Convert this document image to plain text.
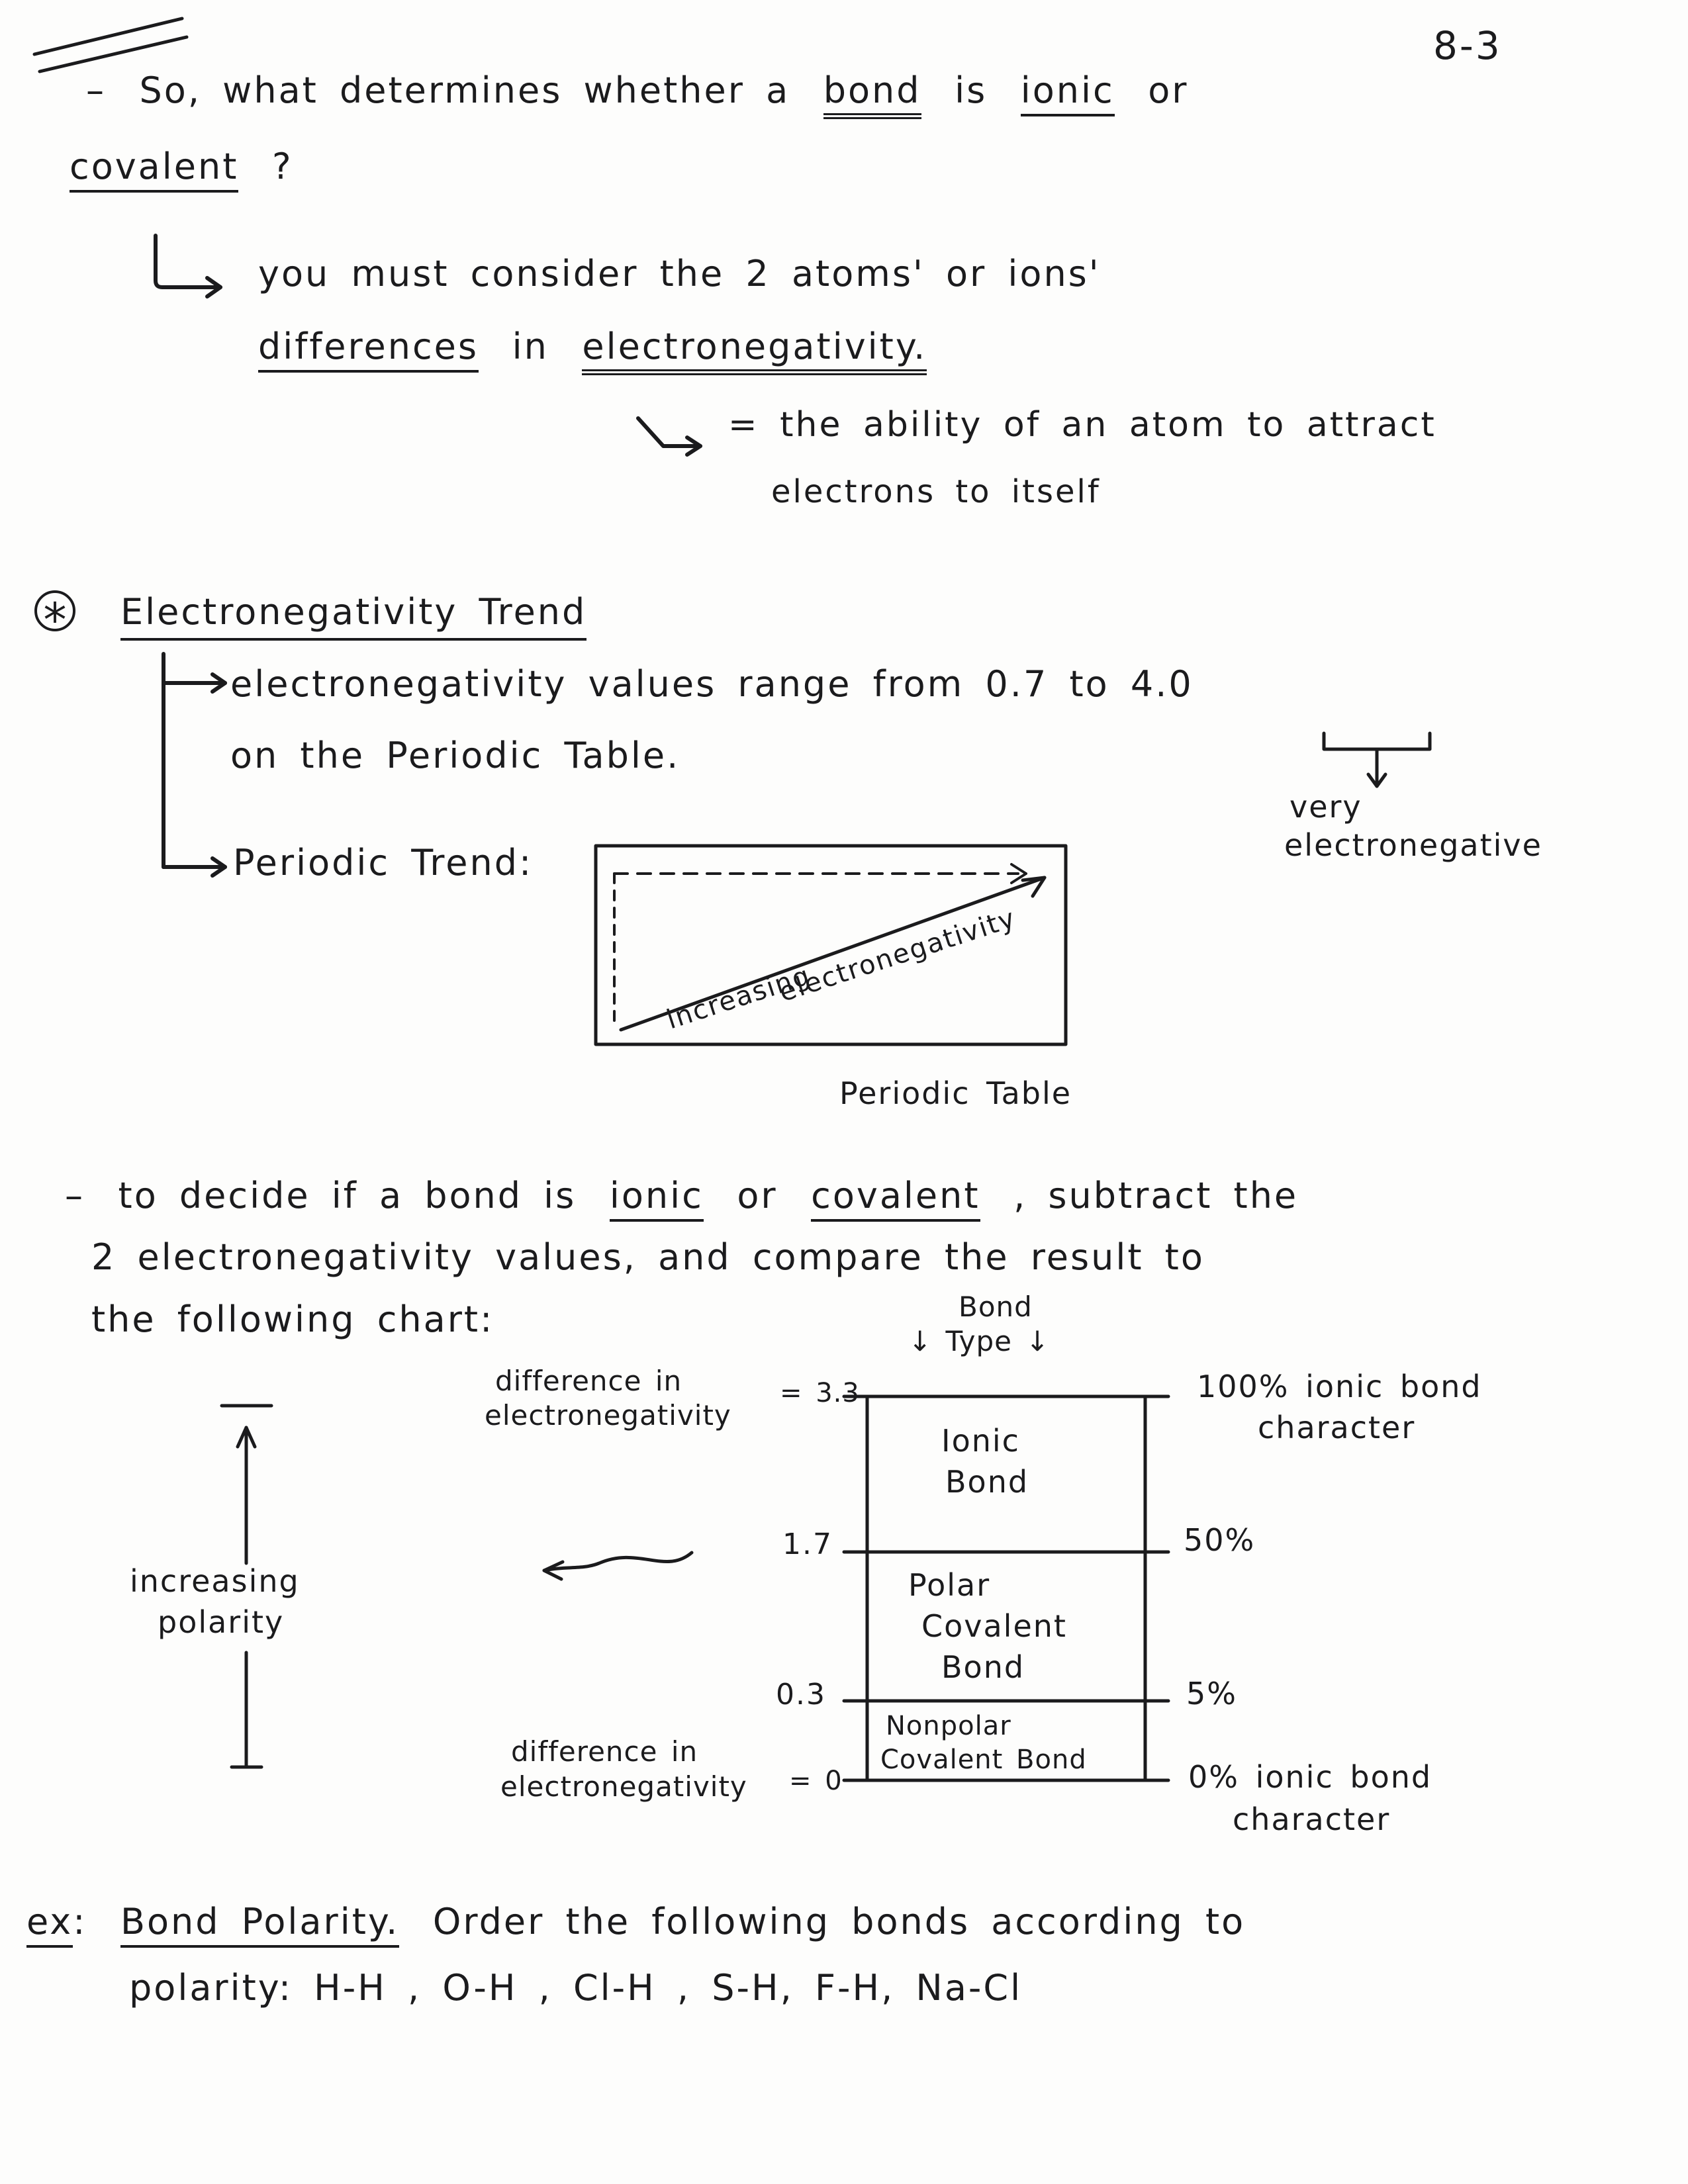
8-3
– So, what determines whether a bond is ionic or
covalent ?
you must consider the 2 atoms' or ions'
differences in electronegativity.
= the ability of an atom to attract
electrons to itself
* Electronegativity Trend
electronegativity values range from 0.7 to 4.0
on the Periodic Table.
very
electronegative
Periodic Trend:
increasing
electronegativity
Periodic Table
– to decide if a bond is ionic or covalent , subtract the
2 electronegativity values, and compare the result to
the following chart:	Bond
↓ Type ↓
difference in
electronegativity
= 3.3	100% ionic bond
character
Ionic
Bond
1.7	50%
Polar
Covalent
Bond
0.3	5%
Nonpolar
Covalent Bond
difference in
electronegativity = 0	0% ionic bond
character
increasing
polarity
ex: Bond Polarity. Order the following bonds according to
polarity: H-H , O-H , Cl-H , S-H, F-H, Na-Cl
